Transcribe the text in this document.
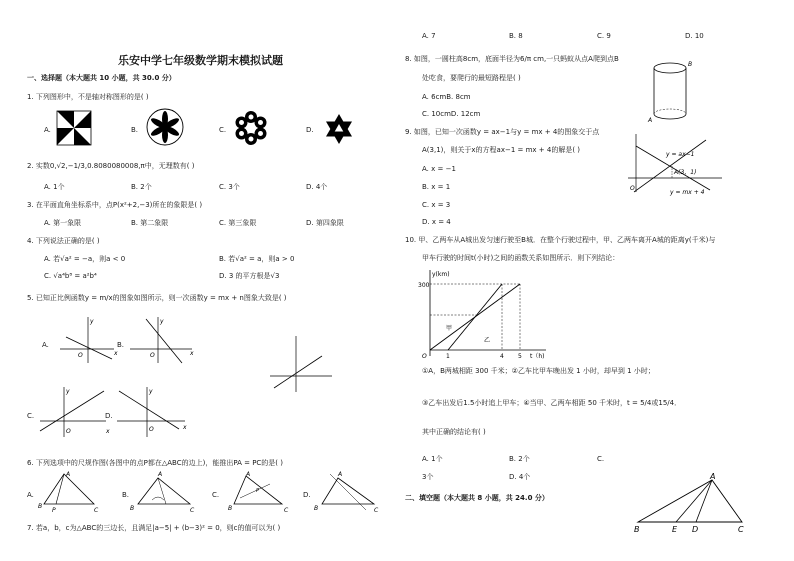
乐安中学七年级数学期末模拟试题
一、选择题（本大题共 10 小题，共 30.0 分）
1. 下列图形中，不是轴对称图形的是( )
A.	B.	C.	D.
2. 实数0,√2,−1/3,0.8080080008,π中，无理数有( )
A. 1个	B. 2个	C. 3个	D. 4个
3. 在平面直角坐标系中，点P(x²+2,−3)所在的象限是( )
A. 第一象限	B. 第二象限	C. 第三象限	D. 第四象限
4. 下列说法正确的是( )
A. 若√a² = −a，则a < 0	B. 若√a² = a，则a > 0
C. √a⁴b⁸ = a²b⁴	D. 3 的平方根是√3
5. 已知正比例函数y = m/x的图象如图所示，则一次函数y = mx + n图象大致是( )
A.	B.
C.	D.
y
O	x
y
O	x
y
O	x
y
O	x
6. 下列选项中的尺规作图(各图中的点P都在△ABC的边上)，能推出PA = PC的是( )
A.	B.	C.	D.
A
B
C
P
A
B	C
A
B	C
P
A
B	C
7. 若a，b，c为△ABC的三边长，且满足|a−5| + (b−3)² = 0，则c的值可以为( )
A. 7	B. 8	C. 9	D. 10
8. 如图，一圆柱高8cm，底面半径为6/π cm,一只蚂蚁从点A爬到点B
处吃食，要爬行的最短路程是( )
A. 6cmB. 8cm
C. 10cmD. 12cm
B
A
9. 如图，已知一次函数y = ax−1与y = mx + 4的图象交于点
A(3,1)，则关于x的方程ax−1 = mx + 4的解是( )
A. x = −1
B. x = 1
C. x = 3
D. x = 4
O
y = ax−1
A(3，1)
y = mx + 4
10. 甲、乙两车从A城出发匀速行驶至B城．在整个行驶过程中，甲、乙两车离开A城的距离y(千米)与
甲车行驶的时间t(小时)之间的函数关系如图所示．则下列结论：
y(km)
300
甲
乙
O	1	4 5 t（h)
①A，B两城相距 300 千米；②乙车比甲车晚出发 1 小时，却早到 1 小时；
③乙车出发后1.5小时追上甲车；④当甲、乙两车相距 50 千米时，t = 5/4或15/4．
其中正确的结论有( )
A. 1个	B. 2个	C.
3个	D. 4个
二、填空题（本大题共 8 小题，共 24.0 分）
A
B	E D	C
